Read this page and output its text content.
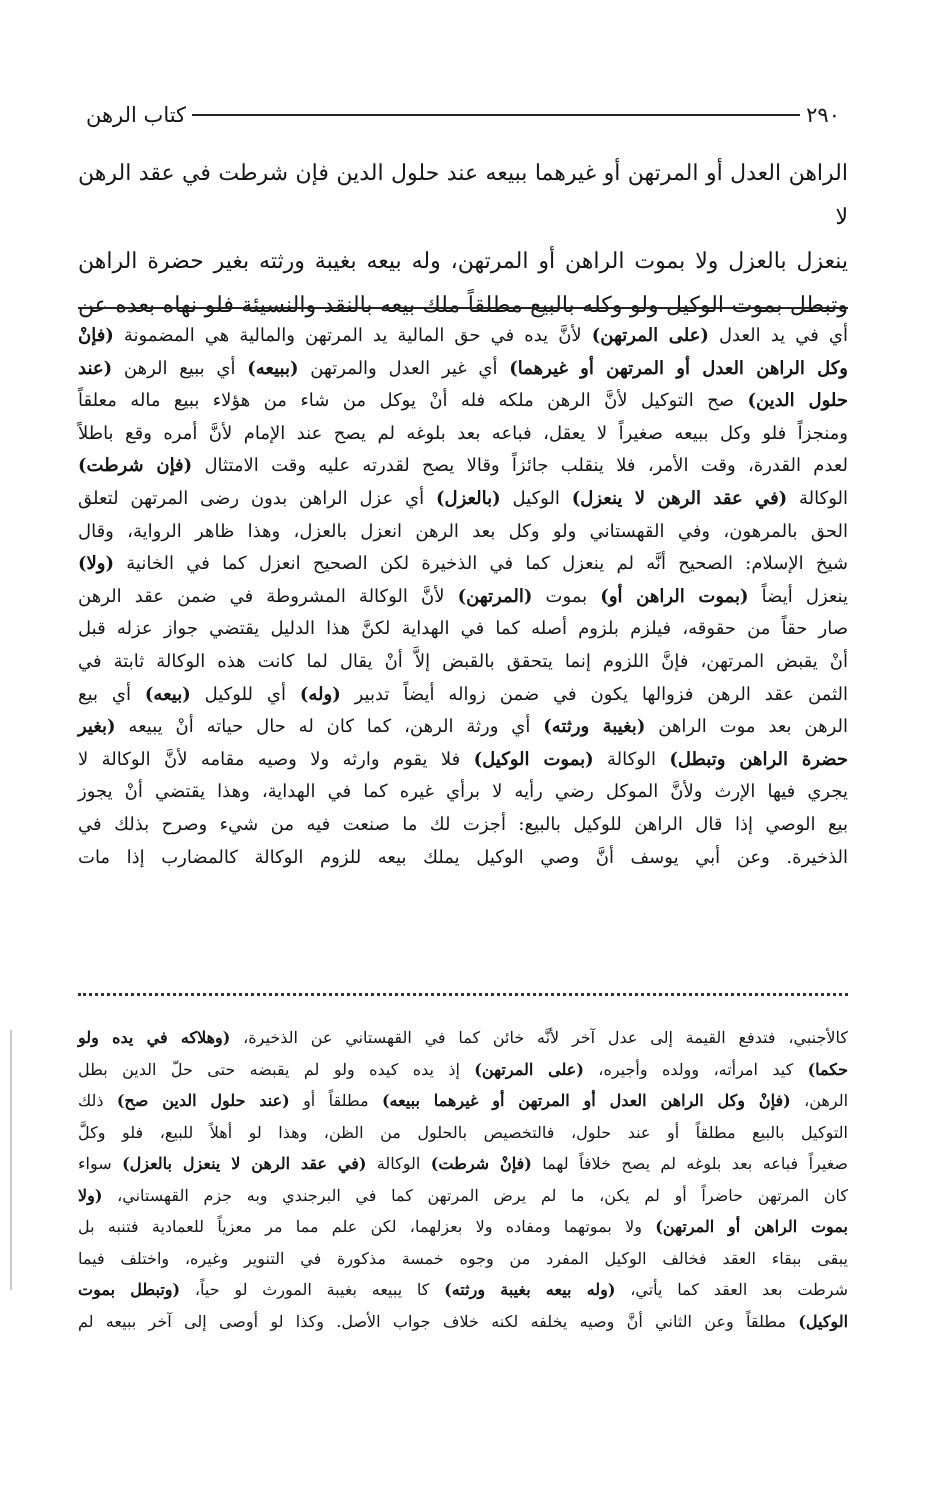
٢٩٠
كتاب الرهن

الراهن العدل أو المرتهن أو غيرهما ببيعه عند حلول الدين فإن شرطت في عقد الرهن لا

ينعزل بالعزل ولا بموت الراهن أو المرتهن، وله بيعه بغيبة ورثته بغير حضرة الراهن

وتبطل بموت الوكيل ولو وكله بالبيع مطلقاً ملك بيعه بالنقد والنسيئة فلو نهاه بعده عن

أي في يد العدل (على المرتهن) لأنَّ يده في حق المالية يد المرتهن والمالية هي المضمونة (فإنْ

وكل الراهن العدل أو المرتهن أو غيرهما) أي غير العدل والمرتهن (ببيعه) أي ببيع الرهن (عند

حلول الدين) صح التوكيل لأنَّ الرهن ملكه فله أنْ يوكل من شاء من هؤلاء ببيع ماله معلقاً

ومنجزاً فلو وكل ببيعه صغيراً لا يعقل، فباعه بعد بلوغه لم يصح عند الإمام لأنَّ أمره وقع باطلاً

لعدم القدرة، وقت الأمر، فلا ينقلب جائزاً وقالا يصح لقدرته عليه وقت الامتثال (فإن شرطت)

الوكالة (في عقد الرهن لا ينعزل) الوكيل (بالعزل) أي عزل الراهن بدون رضى المرتهن لتعلق

الحق بالمرهون، وفي القهستاني ولو وكل بعد الرهن انعزل بالعزل، وهذا ظاهر الرواية، وقال

شيخ الإسلام: الصحيح أنَّه لم ينعزل كما في الذخيرة لكن الصحيح انعزل كما في الخانية (ولا)

ينعزل أيضاً (بموت الراهن أو) بموت (المرتهن) لأنَّ الوكالة المشروطة في ضمن عقد الرهن

صار حقاً من حقوقه، فيلزم بلزوم أصله كما في الهداية لكنَّ هذا الدليل يقتضي جواز عزله قبل

أنْ يقبض المرتهن، فإنَّ اللزوم إنما يتحقق بالقبض إلاَّ أنْ يقال لما كانت هذه الوكالة ثابتة في

الثمن عقد الرهن فزوالها يكون في ضمن زواله أيضاً تدبير (وله) أي للوكيل (بيعه) أي بيع

الرهن بعد موت الراهن (بغيبة ورثته) أي ورثة الرهن، كما كان له حال حياته أنْ يبيعه (بغير

حضرة الراهن وتبطل) الوكالة (بموت الوكيل) فلا يقوم وارثه ولا وصيه مقامه لأنَّ الوكالة لا

يجري فيها الإرث ولأنَّ الموكل رضي رأيه لا برأي غيره كما في الهداية، وهذا يقتضي أنْ يجوز

بيع الوصي إذا قال الراهن للوكيل بالبيع: أجزت لك ما صنعت فيه من شيء وصرح بذلك في

الذخيرة. وعن أبي يوسف أنَّ وصي الوكيل يملك بيعه للزوم الوكالة كالمضارب إذا مات

كالأجنبي، فتدفع القيمة إلى عدل آخر لأنَّه خائن كما في القهستاني عن الذخيرة، (وهلاكه في يده ولو

حكما) كيد امرأته، وولده وأجيره، (على المرتهن) إذ يده كيده ولو لم يقبضه حتى حلّ الدين بطل

الرهن، (فإنْ وكل الراهن العدل أو المرتهن أو غيرهما ببيعه) مطلقاً أو (عند حلول الدين صح) ذلك

التوكيل بالبيع مطلقاً أو عند حلول، فالتخصيص بالحلول من الظن، وهذا لو أهلاً للبيع، فلو وكلَّ

صغيراً فباعه بعد بلوغه لم يصح خلافاً لهما (فإنْ شرطت) الوكالة (في عقد الرهن لا ينعزل بالعزل) سواء

كان المرتهن حاضراً أو لم يكن، ما لم يرض المرتهن كما في البرجندي وبه جزم القهستاني، (ولا

بموت الراهن أو المرتهن) ولا بموتهما ومفاده ولا بعزلهما، لكن علم مما مر معزياً للعمادية فتنبه بل

يبقى ببقاء العقد فخالف الوكيل المفرد من وجوه خمسة مذكورة في التنوير وغيره، واختلف فيما

شرطت بعد العقد كما يأتي، (وله بيعه بغيبة ورثته) كا يبيعه بغيبة المورث لو حياً، (وتبطل بموت

الوكيل) مطلقاً وعن الثاني أنَّ وصيه يخلفه لكنه خلاف جواب الأصل. وكذا لو أوصى إلى آخر ببيعه لم
